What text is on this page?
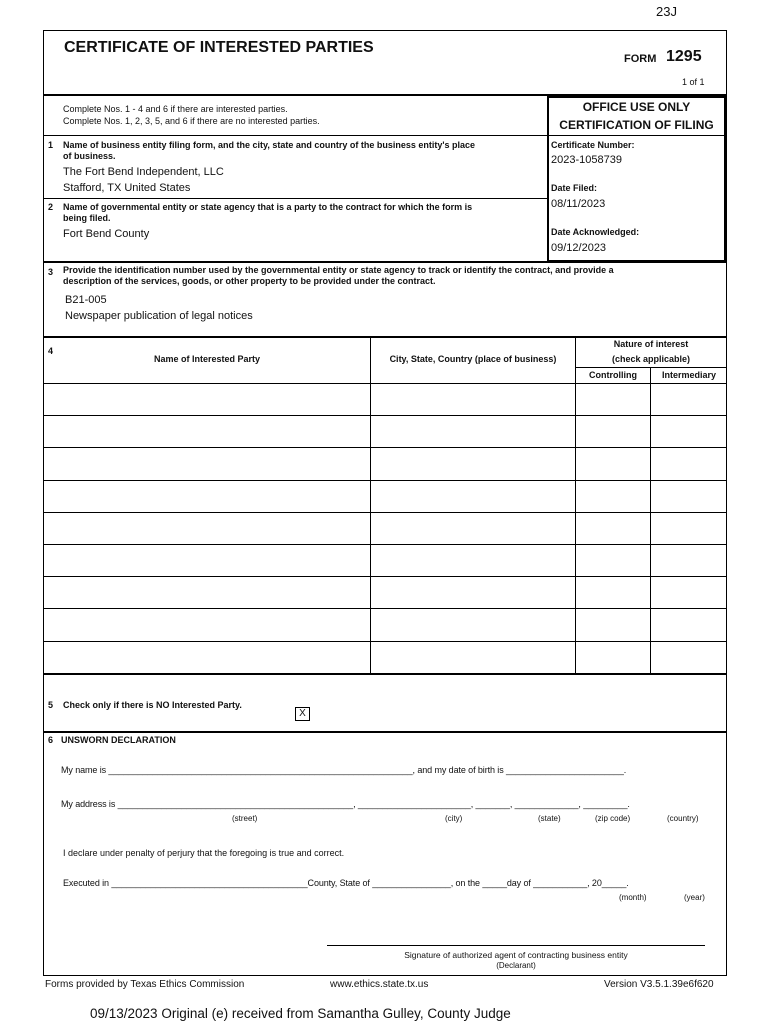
23J
CERTIFICATE OF INTERESTED PARTIES
FORM 1295
1 of 1
Complete Nos. 1 - 4 and 6 if there are interested parties.
Complete Nos. 1, 2, 3, 5, and 6 if there are no interested parties.
OFFICE USE ONLY
CERTIFICATION OF FILING
Certificate Number:
2023-1058739
Date Filed:
08/11/2023
Date Acknowledged:
09/12/2023
1 Name of business entity filing form, and the city, state and country of the business entity's place
of business.
The Fort Bend Independent, LLC
Stafford, TX United States
2 Name of governmental entity or state agency that is a party to the contract for which the form is
being filed.
Fort Bend County
3 Provide the identification number used by the governmental entity or state agency to track or identify the contract, and provide a
description of the services, goods, or other property to be provided under the contract.
B21-005
Newspaper publication of legal notices
4
Name of Interested Party	City, State, Country (place of business)
Nature of interest
(check applicable)
Controlling	Intermediary
5 Check only if there is NO Interested Party.
X
6 UNSWORN DECLARATION
My name is ______________________________________________________________, and my date of birth is ________________________.
My address is ________________________________________________, _______________________, _______, _____________, _________.
(street)	(city)	(state)	(zip code)	(country)
I declare under penalty of perjury that the foregoing is true and correct.
Executed in ________________________________________County, State of ________________, on the _____day of ___________, 20_____.
(month)	(year)
Signature of authorized agent of contracting business entity
(Declarant)
Forms provided by Texas Ethics Commission	www.ethics.state.tx.us	Version V3.5.1.39e6f620
09/13/2023 Original (e) received from Samantha Gulley, County Judge
